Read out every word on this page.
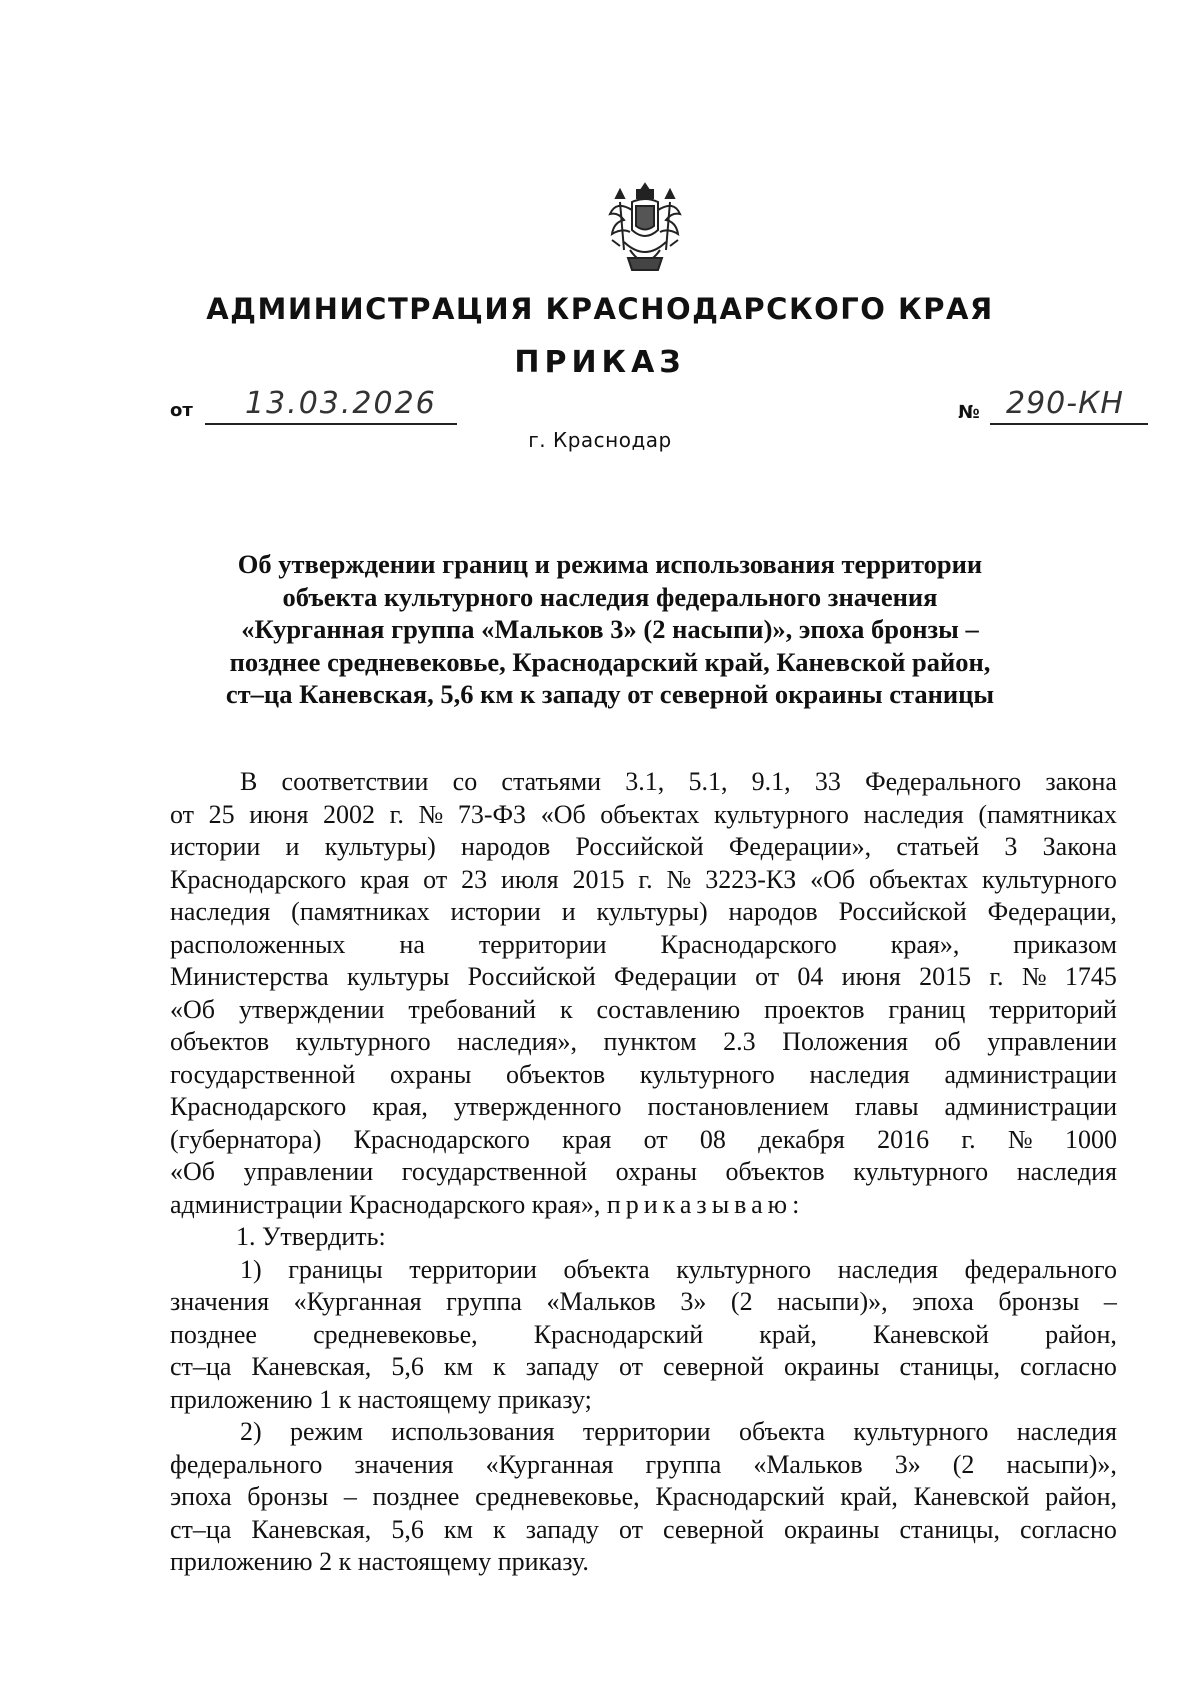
АДМИНИСТРАЦИЯ КРАСНОДАРСКОГО КРАЯ
ПРИКАЗ
от 13.03.2026
г. Краснодар
№ 290-КН
Об утверждении границ и режима использования территории
объекта культурного наследия федерального значения
«Курганная группа «Мальков 3» (2 насыпи)», эпоха бронзы –
позднее средневековье, Краснодарский край, Каневской район,
ст–ца Каневская, 5,6 км к западу от северной окраины станицы
В соответствии со статьями 3.1, 5.1, 9.1, 33 Федерального закона
от 25 июня 2002 г. № 73-ФЗ «Об объектах культурного наследия (памятниках
истории и культуры) народов Российской Федерации», статьей 3 Закона
Краснодарского края от 23 июля 2015 г. № 3223-КЗ «Об объектах культурного
наследия (памятниках истории и культуры) народов Российской Федерации,
расположенных на территории Краснодарского края», приказом
Министерства культуры Российской Федерации от 04 июня 2015 г. № 1745
«Об утверждении требований к составлению проектов границ территорий
объектов культурного наследия», пунктом 2.3 Положения об управлении
государственной охраны объектов культурного наследия администрации
Краснодарского края, утвержденного постановлением главы администрации
(губернатора) Краснодарского края от 08 декабря 2016 г. № 1000
«Об управлении государственной охраны объектов культурного наследия
администрации Краснодарского края», приказываю:
1. Утвердить:
1) границы территории объекта культурного наследия федерального
значения «Курганная группа «Мальков 3» (2 насыпи)», эпоха бронзы –
позднее средневековье, Краснодарский край, Каневской район,
ст–ца Каневская, 5,6 км к западу от северной окраины станицы, согласно
приложению 1 к настоящему приказу;
2) режим использования территории объекта культурного наследия
федерального значения «Курганная группа «Мальков 3» (2 насыпи)»,
эпоха бронзы – позднее средневековье, Краснодарский край, Каневской район,
ст–ца Каневская, 5,6 км к западу от северной окраины станицы, согласно
приложению 2 к настоящему приказу.
